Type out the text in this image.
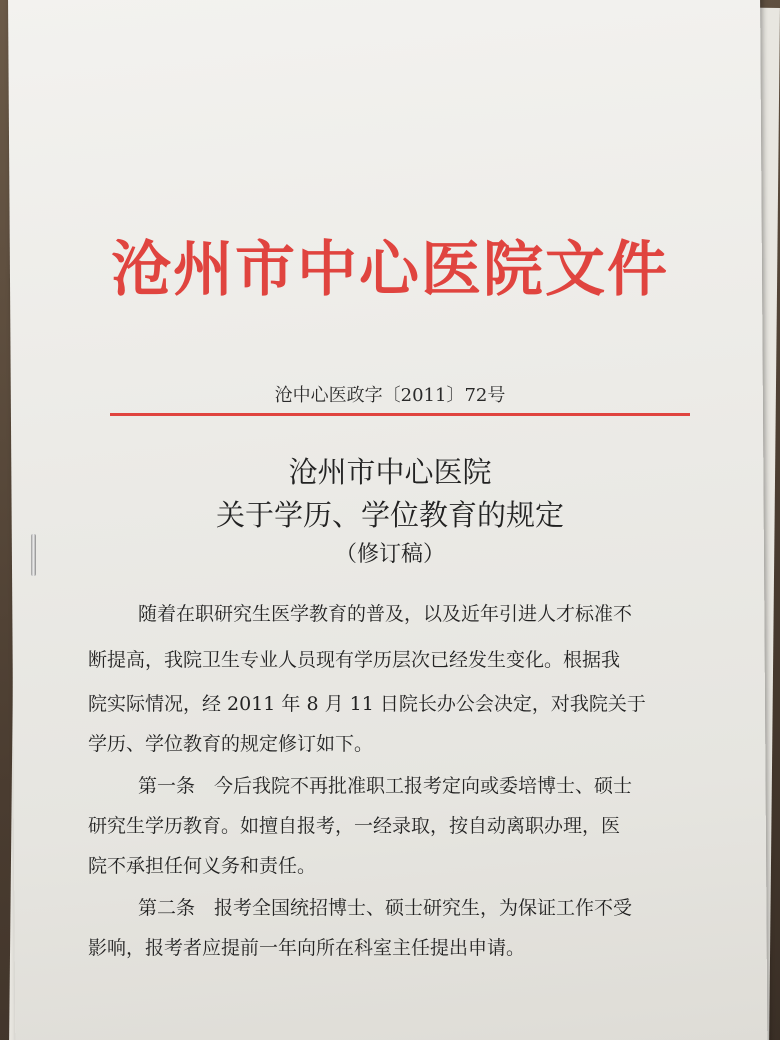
沧州市中心医院文件
沧中心医政字〔2011〕72号
沧州市中心医院
关于学历、学位教育的规定
（修订稿）
随着在职研究生医学教育的普及，以及近年引进人才标准不
断提高，我院卫生专业人员现有学历层次已经发生变化。根据我
院实际情况，经 2011 年 8 月 11 日院长办公会决定，对我院关于
学历、学位教育的规定修订如下。
第一条　今后我院不再批准职工报考定向或委培博士、硕士
研究生学历教育。如擅自报考，一经录取，按自动离职办理，医
院不承担任何义务和责任。
第二条　报考全国统招博士、硕士研究生，为保证工作不受
影响，报考者应提前一年向所在科室主任提出申请。
